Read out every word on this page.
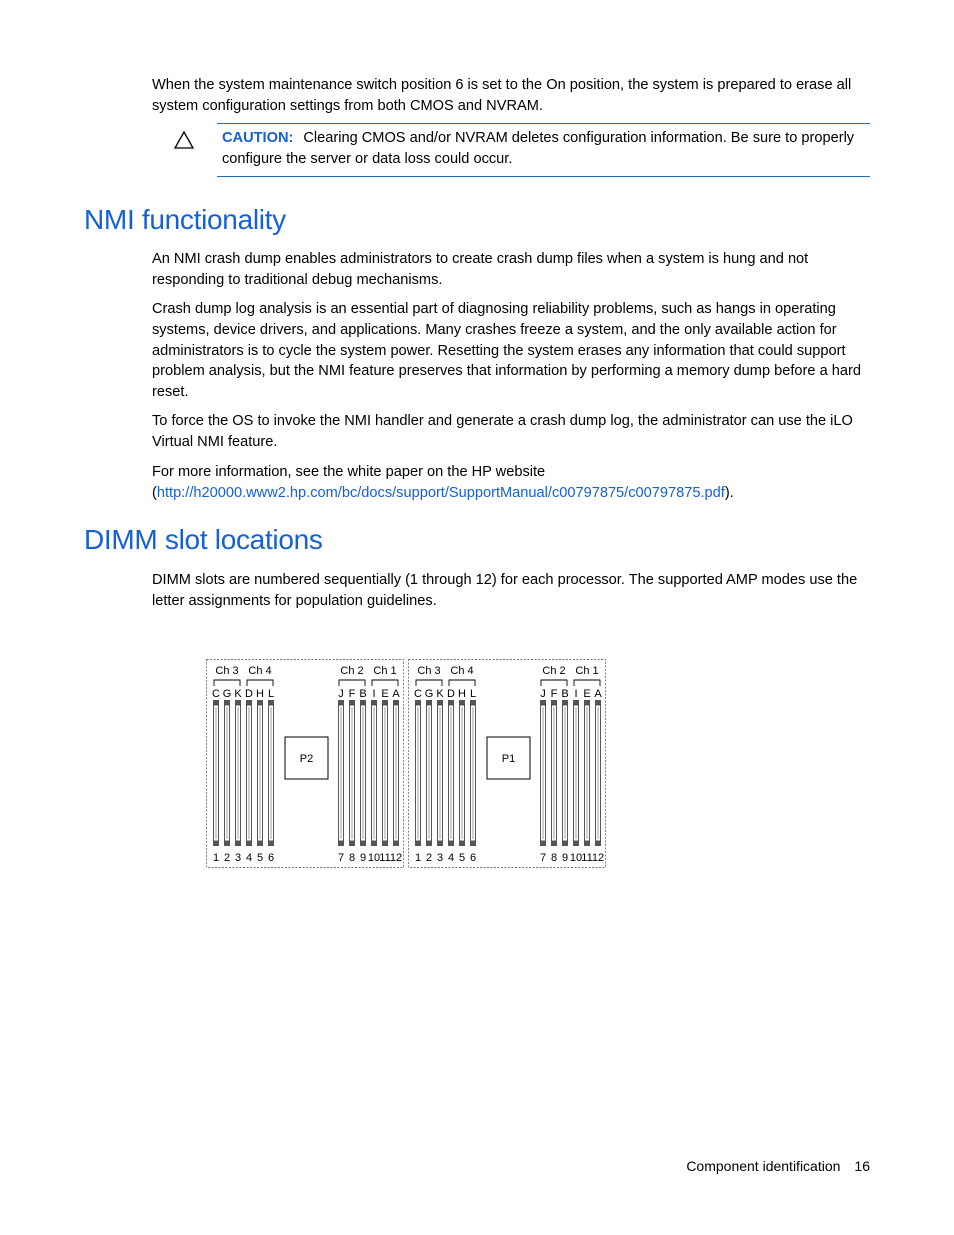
When the system maintenance switch position 6 is set to the On position, the system is prepared to erase all system configuration settings from both CMOS and NVRAM.

CAUTION: Clearing CMOS and/or NVRAM deletes configuration information. Be sure to properly configure the server or data loss could occur.
NMI functionality

An NMI crash dump enables administrators to create crash dump files when a system is hung and not responding to traditional debug mechanisms.

Crash dump log analysis is an essential part of diagnosing reliability problems, such as hangs in operating systems, device drivers, and applications. Many crashes freeze a system, and the only available action for administrators is to cycle the system power. Resetting the system erases any information that could support problem analysis, but the NMI feature preserves that information by performing a memory dump before a hard reset.

To force the OS to invoke the NMI handler and generate a crash dump log, the administrator can use the iLO Virtual NMI feature.

For more information, see the white paper on the HP website
(http://h20000.www2.hp.com/bc/docs/support/SupportManual/c00797875/c00797875.pdf).

DIMM slot locations

DIMM slots are numbered sequentially (1 through 12) for each processor. The supported AMP modes use the letter assignments for population guidelines.

C
1
G
2
K
3
D
4
H
5
L
6
J
7
F
8
B
9
I
10
E
11
A
12
Ch 3 Ch 4	Ch 2 Ch 1
P2
C
1
G
2
K
3
D
4
H
5
L
6
J
7
F
8
B
9
I
10
E
11
A
12
Ch 3 Ch 4	Ch 2 Ch 1
P1
Component identification 16
